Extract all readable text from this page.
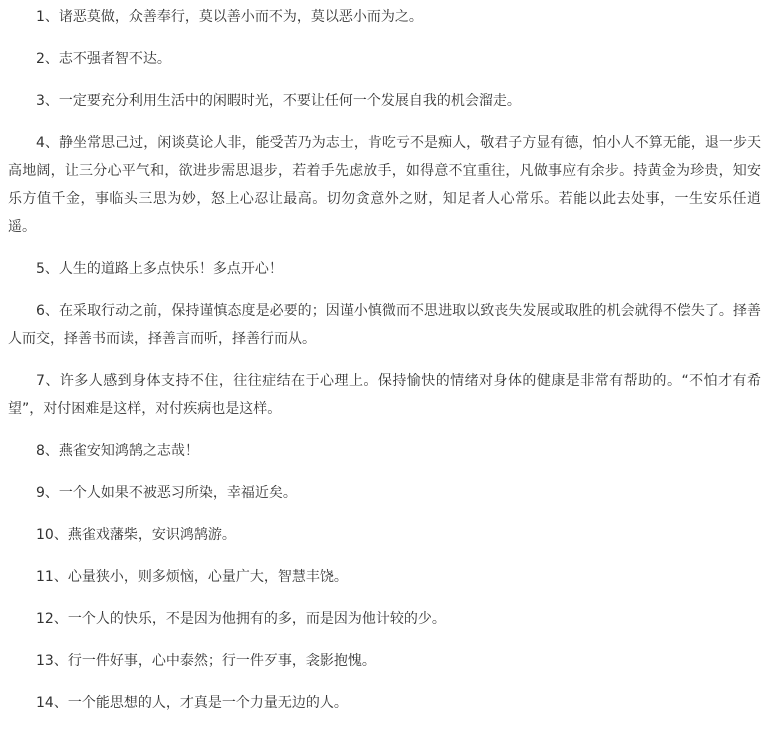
1、诸恶莫做，众善奉行，莫以善小而不为，莫以恶小而为之。

2、志不强者智不达。

3、一定要充分利用生活中的闲暇时光，不要让任何一个发展自我的机会溜走。

4、静坐常思己过，闲谈莫论人非，能受苦乃为志士，肯吃亏不是痴人，敬君子方显有德，怕小人不算无能，退一步天高地阔，让三分心平气和，欲进步需思退步，若着手先虑放手，如得意不宜重往，凡做事应有余步。持黄金为珍贵，知安乐方值千金，事临头三思为妙，怒上心忍让最高。切勿贪意外之财，知足者人心常乐。若能以此去处事，一生安乐任逍遥。

5、人生的道路上多点快乐！多点开心！

6、在采取行动之前，保持谨慎态度是必要的；因谨小慎微而不思进取以致丧失发展或取胜的机会就得不偿失了。择善人而交，择善书而读，择善言而听，择善行而从。

7、许多人感到身体支持不住，往往症结在于心理上。保持愉快的情绪对身体的健康是非常有帮助的。“不怕才有希望”，对付困难是这样，对付疾病也是这样。

8、燕雀安知鸿鹄之志哉！

9、一个人如果不被恶习所染，幸福近矣。

10、燕雀戏藩柴，安识鸿鹄游。

11、心量狭小，则多烦恼，心量广大，智慧丰饶。

12、一个人的快乐，不是因为他拥有的多，而是因为他计较的少。

13、行一件好事，心中泰然；行一件歹事，衾影抱愧。

14、一个能思想的人，才真是一个力量无边的人。
